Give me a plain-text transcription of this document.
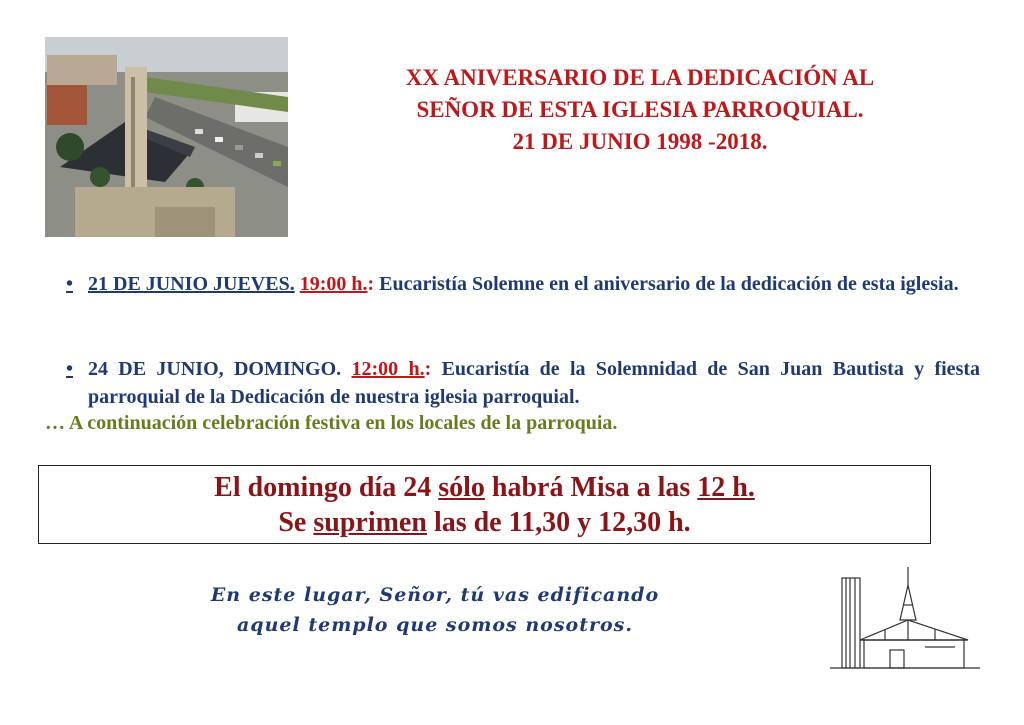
XX ANIVERSARIO DE LA DEDICACIÓN AL
SEÑOR DE ESTA IGLESIA PARROQUIAL.
21 DE JUNIO 1998 -2018.
• 21 DE JUNIO JUEVES. 19:00 h.: Eucaristía Solemne en el aniversario de la dedicación de esta iglesia.
• 24 DE JUNIO, DOMINGO. 12:00 h.: Eucaristía de la Solemnidad de San Juan Bautista y fiesta parroquial de la Dedicación de nuestra iglesia parroquial.
… A continuación celebración festiva en los locales de la parroquia.
El domingo día 24 sólo habrá Misa a las 12 h.
Se suprimen las de 11,30 y 12,30 h.
En este lugar, Señor, tú vas edificando
aquel templo que somos nosotros.
